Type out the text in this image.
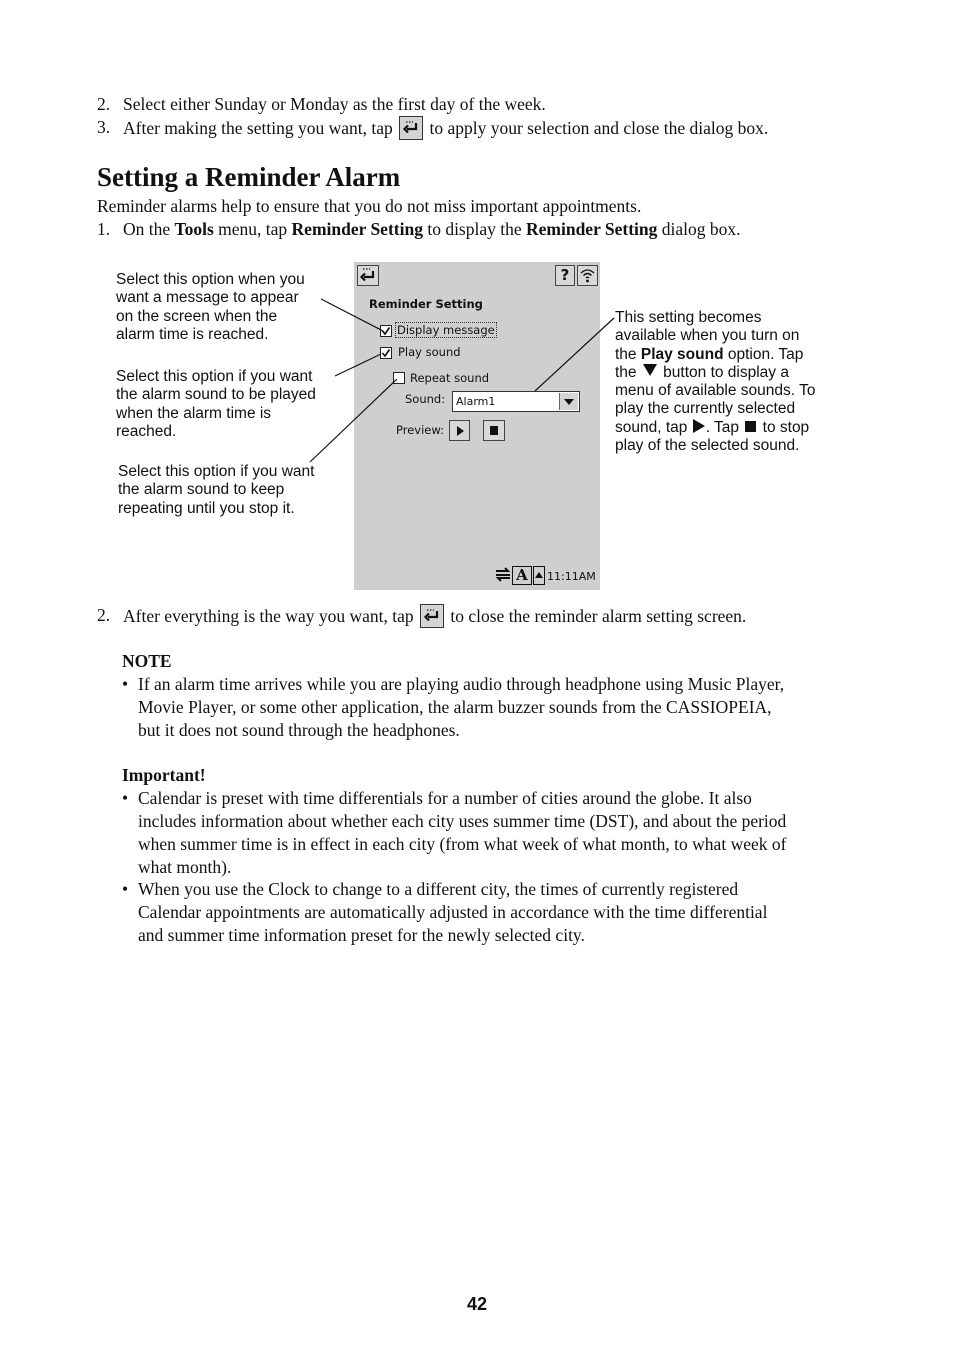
2. Select either Sunday or Monday as the first day of the week.
3. After making the setting you want, tap to apply your selection and close the dialog box.
Setting a Reminder Alarm
Reminder alarms help to ensure that you do not miss important appointments.
1. On the Tools menu, tap Reminder Setting to display the Reminder Setting dialog box.
Select this option when you
want a message to appear
on the screen when the
alarm time is reached.
Select this option if you want
the alarm sound to be played
when the alarm time is
reached.
Select this option if you want
the alarm sound to keep
repeating until you stop it.
This setting becomes
available when you turn on
the Play sound option. Tap
the  button to display a
menu of available sounds. To
play the currently selected
sound, tap . Tap  to stop
play of the selected sound.
?
Reminder Setting
Display message
Play sound
Repeat sound
Sound: Alarm1
Preview:
A	11:11AM
2. After everything is the way you want, tap to close the reminder alarm setting screen.
NOTE
• If an alarm time arrives while you are playing audio through headphone using Music Player,
Movie Player, or some other application, the alarm buzzer sounds from the CASSIOPEIA,
but it does not sound through the headphones.
Important!
• Calendar is preset with time differentials for a number of cities around the globe. It also
includes information about whether each city uses summer time (DST), and about the period
when summer time is in effect in each city (from what week of what month, to what week of
what month).
• When you use the Clock to change to a different city, the times of currently registered
Calendar appointments are automatically adjusted in accordance with the time differential
and summer time information preset for the newly selected city.
42
